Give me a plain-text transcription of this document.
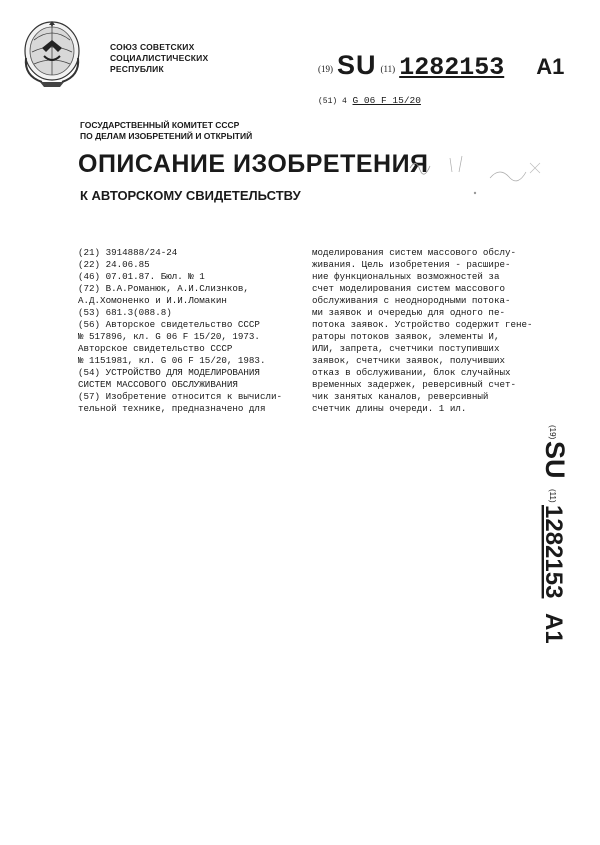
СОЮЗ СОВЕТСКИХ
СОЦИАЛИСТИЧЕСКИХ
РЕСПУБЛИК	(19) SU (11) 1282153 A1
(51) 4 G 06 F 15/20
ГОСУДАРСТВЕННЫЙ КОМИТЕТ СССР
ПО ДЕЛАМ ИЗОБРЕТЕНИЙ И ОТКРЫТИЙ
ОПИСАНИЕ ИЗОБРЕТЕНИЯ
К АВТОРСКОМУ СВИДЕТЕЛЬСТВУ
(21) 3914888/24-24
(22) 24.06.85
(46) 07.01.87. Бюл. № 1
(72) В.А.Романюк, А.И.Слизнков,
А.Д.Хомоненко и И.И.Ломакин
(53) 681.3(088.8)
(56) Авторское свидетельство СССР
№ 517896, кл. G 06 F 15/20, 1973.
Авторское свидетельство СССР
№ 1151981, кл. G 06 F 15/20, 1983.
(54) УСТРОЙСТВО ДЛЯ МОДЕЛИРОВАНИЯ
СИСТЕМ МАССОВОГО ОБСЛУЖИВАНИЯ
(57) Изобретение относится к вычисли-
тельной технике, предназначено для
моделирования систем массового обслу-
живания. Цель изобретения - расшире-
ние функциональных возможностей за
счет моделирования систем массового
обслуживания с неоднородными потока-
ми заявок и очередью для одного пе-
потока заявок. Устройство содержит гене-
раторы потоков заявок, элементы И,
ИЛИ, запрета, счетчики поступивших
заявок, счетчики заявок, получивших
отказ в обслуживании, блок случайных
временных задержек, реверсивный счет-
чик занятых каналов, реверсивный
счетчик длины очереди. 1 ил.
(19)
SU
(11)
1282153
A1
